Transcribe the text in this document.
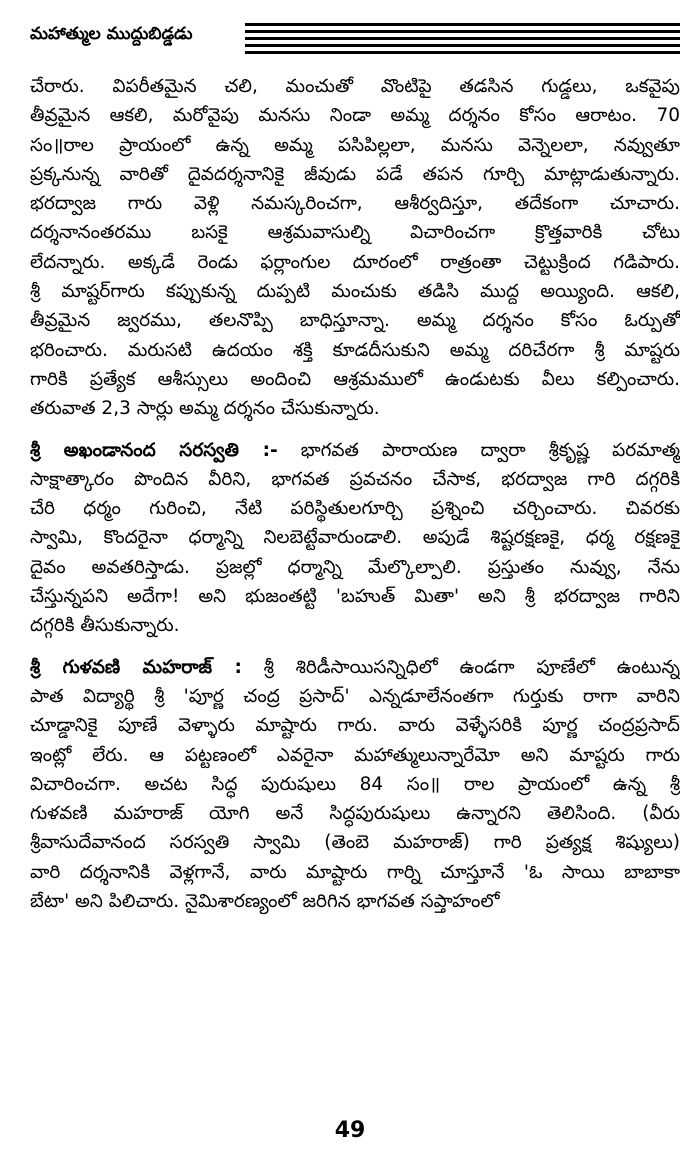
మహాత్ముల ముద్దుబిడ్డడు
చేరారు. విపరీతమైన చలి, మంచుతో వొంటిపై తడసిన గుడ్డలు, ఒకవైపు
తీవ్రమైన ఆకలి, మరోవైపు మనసు నిండా అమ్మ దర్శనం కోసం ఆరాటం. 70
సం॥రాల ప్రాయంలో ఉన్న అమ్మ పసిపిల్లలా, మనసు వెన్నెలలా, నవ్వుతూ
ప్రక్కనున్న వారితో దైవదర్శనానికై జీవుడు పడే తపన గూర్చి మాట్లాడుతున్నారు.
భరద్వాజ గారు వెళ్లి నమస్కరించగా, ఆశీర్వదిస్తూ, తదేకంగా చూచారు.
దర్శనానంతరము బసకై ఆశ్రమవాసుల్ని విచారించగా క్రొత్తవారికి చోటు
లేదన్నారు. అక్కడే రెండు ఫర్లాంగుల దూరంలో రాత్రంతా చెట్టుక్రింద గడిపారు.
శ్రీ మాష్టర్‌గారు కప్పుకున్న దుప్పటి మంచుకు తడిసి ముద్ద అయ్యింది. ఆకలి,
తీవ్రమైన జ్వరము, తలనొప్పి బాధిస్తూన్నా. అమ్మ దర్శనం కోసం ఓర్పుతో
భరించారు. మరుసటి ఉదయం శక్తి కూడదీసుకుని అమ్మ దరిచేరగా శ్రీ మాష్టరు
గారికి ప్రత్యేక ఆశీస్సులు అందించి ఆశ్రమములో ఉండుటకు వీలు కల్పించారు.
తరువాత 2,3 సార్లు అమ్మ దర్శనం చేసుకున్నారు.
శ్రీ అఖండానంద సరస్వతి :- భాగవత పారాయణ ద్వారా శ్రీకృష్ణ పరమాత్మ
సాక్షాత్కారం పొందిన వీరిని, భాగవత ప్రవచనం చేసాక, భరద్వాజ గారి దగ్గరికి
చేరి ధర్మం గురించి, నేటి పరిస్థితులగూర్చి ప్రశ్నించి చర్చించారు. చివరకు
స్వామి, కొందరైనా ధర్మాన్ని నిలబెట్టేవారుండాలి. అపుడే శిష్టరక్షణకై, ధర్మ రక్షణకై
దైవం అవతరిస్తాడు. ప్రజల్లో ధర్మాన్ని మేల్కొల్పాలి. ప్రస్తుతం నువ్వు, నేను
చేస్తున్నపని అదేగా! అని భుజంతట్టి 'బహుత్ మితా' అని శ్రీ భరద్వాజ గారిని
దగ్గరికి తీసుకున్నారు.
శ్రీ గుళవణి మహరాజ్ : శ్రీ శిరిడీసాయిసన్నిధిలో ఉండగా పూణేలో ఉంటున్న
పాత విద్యార్థి శ్రీ 'పూర్ణ చంద్ర ప్రసాద్' ఎన్నడూలేనంతగా గుర్తుకు రాగా వారిని
చూడ్డానికై పూణే వెళ్ళారు మాష్టారు గారు. వారు వెళ్ళేసరికి పూర్ణ చంద్రప్రసాద్
ఇంట్లో లేరు. ఆ పట్టణంలో ఎవరైనా మహాత్ములున్నారేమో అని మాష్టరు గారు
విచారించగా. అచట సిద్ధ పురుషులు 84 సం॥ రాల ప్రాయంలో ఉన్న శ్రీ
గుళవణి మహరాజ్ యోగి అనే సిద్ధపురుషులు ఉన్నారని తెలిసింది. (వీరు
శ్రీవాసుదేవానంద సరస్వతి స్వామి (తెంబె మహరాజ్) గారి ప్రత్యక్ష శిష్యులు)
వారి దర్శనానికి వెళ్లగానే, వారు మాష్టారు గార్ని చూస్తూనే 'ఓ సాయి బాబాకా
బేటా' అని పిలిచారు. నైమిశారణ్యంలో జరిగిన భాగవత సప్తాహంలో
49
